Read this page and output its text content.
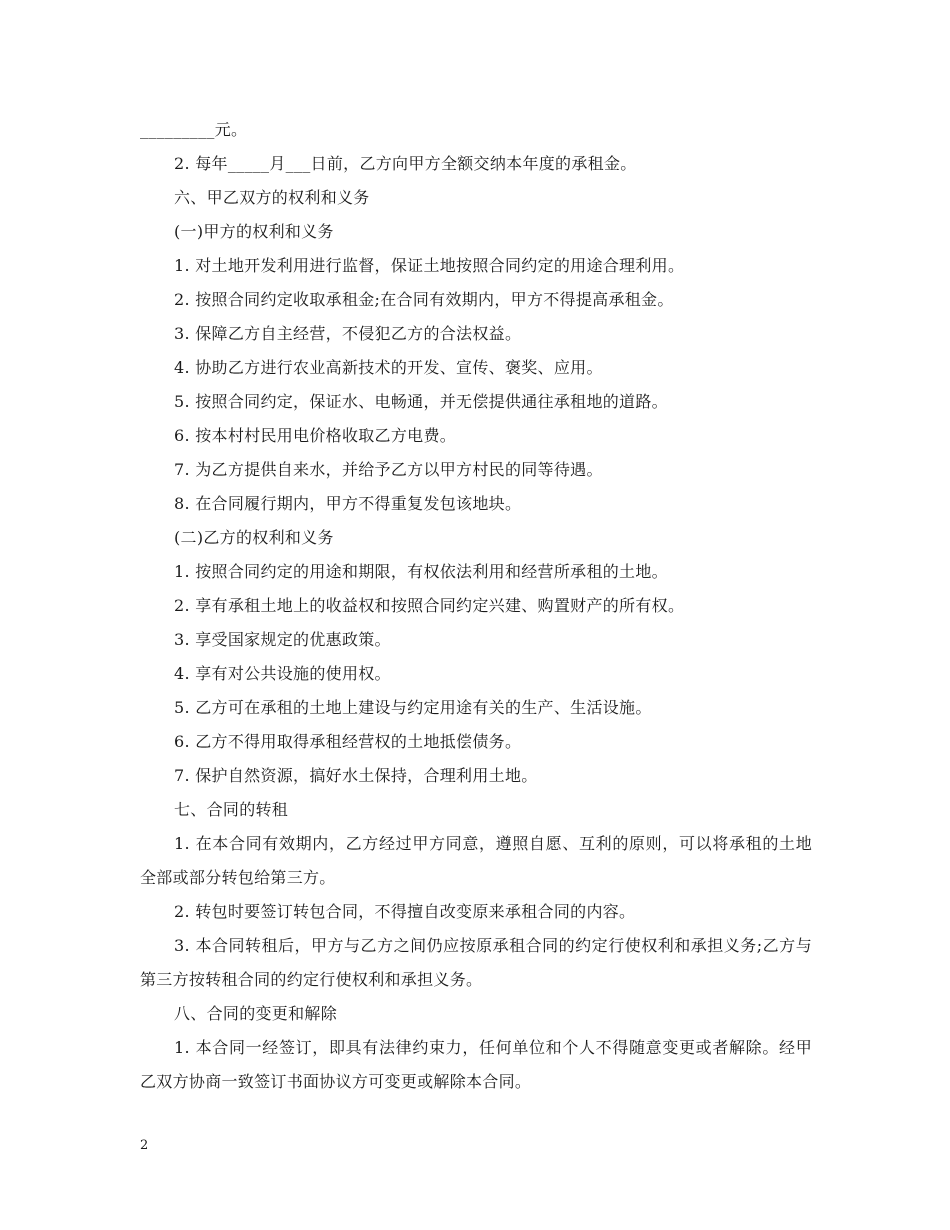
_________元。
2. 每年_____月___日前，乙方向甲方全额交纳本年度的承租金。
六、甲乙双方的权利和义务
(一)甲方的权利和义务
1. 对土地开发利用进行监督，保证土地按照合同约定的用途合理利用。
2. 按照合同约定收取承租金;在合同有效期内，甲方不得提高承租金。
3. 保障乙方自主经营，不侵犯乙方的合法权益。
4. 协助乙方进行农业高新技术的开发、宣传、褒奖、应用。
5. 按照合同约定，保证水、电畅通，并无偿提供通往承租地的道路。
6. 按本村村民用电价格收取乙方电费。
7. 为乙方提供自来水，并给予乙方以甲方村民的同等待遇。
8. 在合同履行期内，甲方不得重复发包该地块。
(二)乙方的权利和义务
1. 按照合同约定的用途和期限，有权依法利用和经营所承租的土地。
2. 享有承租土地上的收益权和按照合同约定兴建、购置财产的所有权。
3. 享受国家规定的优惠政策。
4. 享有对公共设施的使用权。
5. 乙方可在承租的土地上建设与约定用途有关的生产、生活设施。
6. 乙方不得用取得承租经营权的土地抵偿债务。
7. 保护自然资源，搞好水土保持，合理利用土地。
七、合同的转租
1. 在本合同有效期内，乙方经过甲方同意，遵照自愿、互利的原则，可以将承租的土地全部或部分转包给第三方。
2. 转包时要签订转包合同，不得擅自改变原来承租合同的内容。
3. 本合同转租后，甲方与乙方之间仍应按原承租合同的约定行使权利和承担义务;乙方与第三方按转租合同的约定行使权利和承担义务。
八、合同的变更和解除
1. 本合同一经签订，即具有法律约束力，任何单位和个人不得随意变更或者解除。经甲乙双方协商一致签订书面协议方可变更或解除本合同。
2
